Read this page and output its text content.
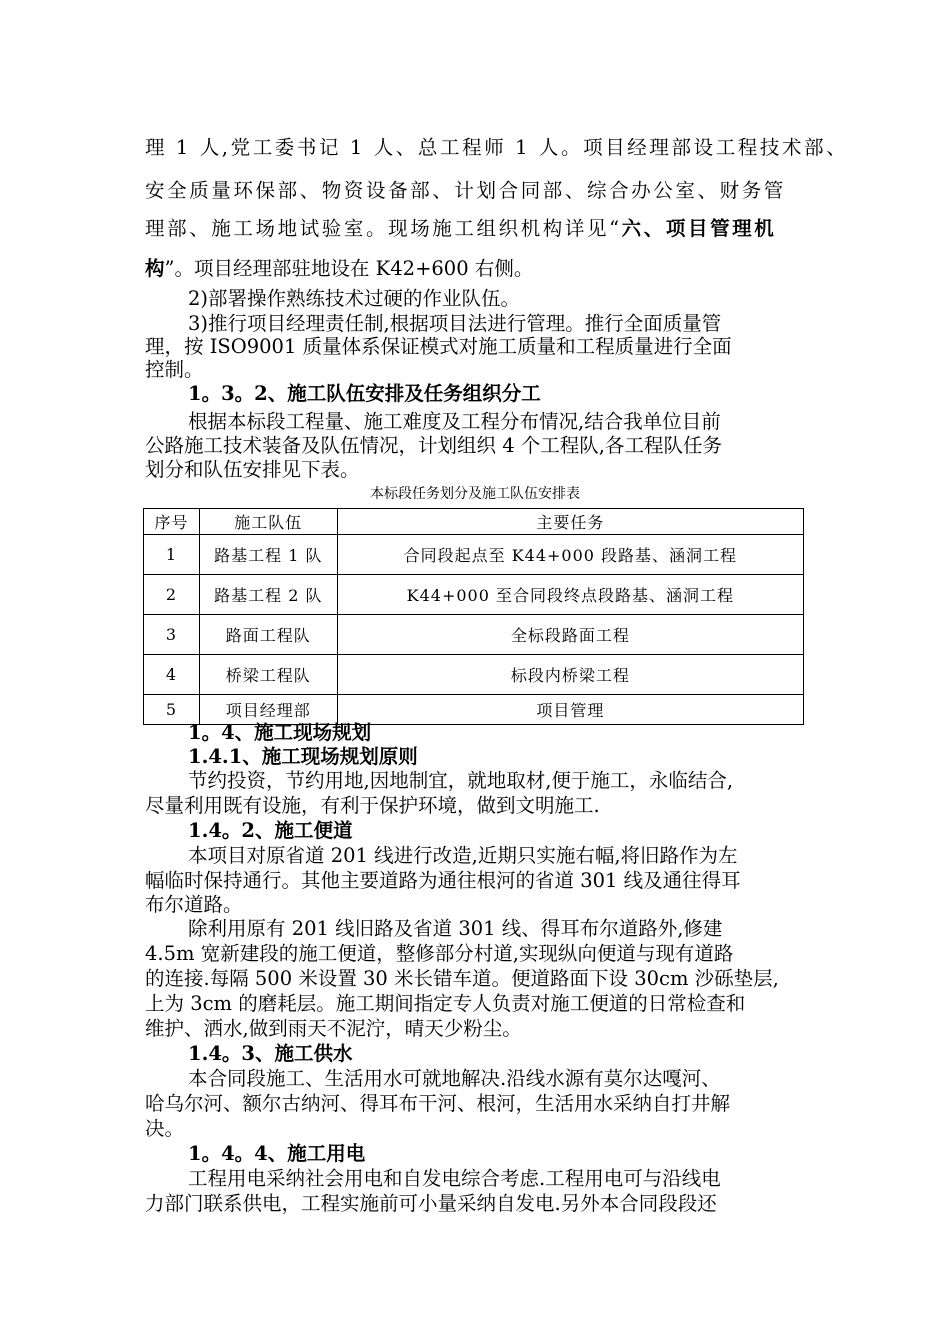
理 1 人,党工委书记 1 人、总工程师 1 人。项目经理部设工程技术部、
安全质量环保部、物资设备部、计划合同部、综合办公室、财务管
理部、施工场地试验室。现场施工组织机构详见“六、项目管理机
构”。项目经理部驻地设在 K42+600 右侧。
2)部署操作熟练技术过硬的作业队伍。
3)推行项目经理责任制,根据项目法进行管理。推行全面质量管
理，按 ISO9001 质量体系保证模式对施工质量和工程质量进行全面
控制。
1。3。2、施工队伍安排及任务组织分工
根据本标段工程量、施工难度及工程分布情况,结合我单位目前
公路施工技术装备及队伍情况，计划组织 4 个工程队,各工程队任务
划分和队伍安排见下表。
本标段任务划分及施工队伍安排表
序号	施工队伍	主要任务
1	路基工程 1 队	合同段起点至 K44+000 段路基、涵洞工程
2	路基工程 2 队	K44+000 至合同段终点段路基、涵洞工程
3	路面工程队	全标段路面工程
4	桥梁工程队	标段内桥梁工程
5	项目经理部	项目管理
1。4、施工现场规划
1.4.1、施工现场规划原则
节约投资，节约用地,因地制宜，就地取材,便于施工，永临结合,
尽量利用既有设施，有利于保护环境，做到文明施工.
1.4。2、施工便道
本项目对原省道 201 线进行改造,近期只实施右幅,将旧路作为左
幅临时保持通行。其他主要道路为通往根河的省道 301 线及通往得耳
布尔道路。
除利用原有 201 线旧路及省道 301 线、得耳布尔道路外,修建
4.5m 宽新建段的施工便道，整修部分村道,实现纵向便道与现有道路
的连接.每隔 500 米设置 30 米长错车道。便道路面下设 30cm 沙砾垫层,
上为 3cm 的磨耗层。施工期间指定专人负责对施工便道的日常检查和
维护、洒水,做到雨天不泥泞，晴天少粉尘。
1.4。3、施工供水
本合同段施工、生活用水可就地解决.沿线水源有莫尔达嘎河、
哈乌尔河、额尔古纳河、得耳布干河、根河，生活用水采纳自打井解
决。
1。4。4、施工用电
工程用电采纳社会用电和自发电综合考虑.工程用电可与沿线电
力部门联系供电，工程实施前可小量采纳自发电.另外本合同段段还
